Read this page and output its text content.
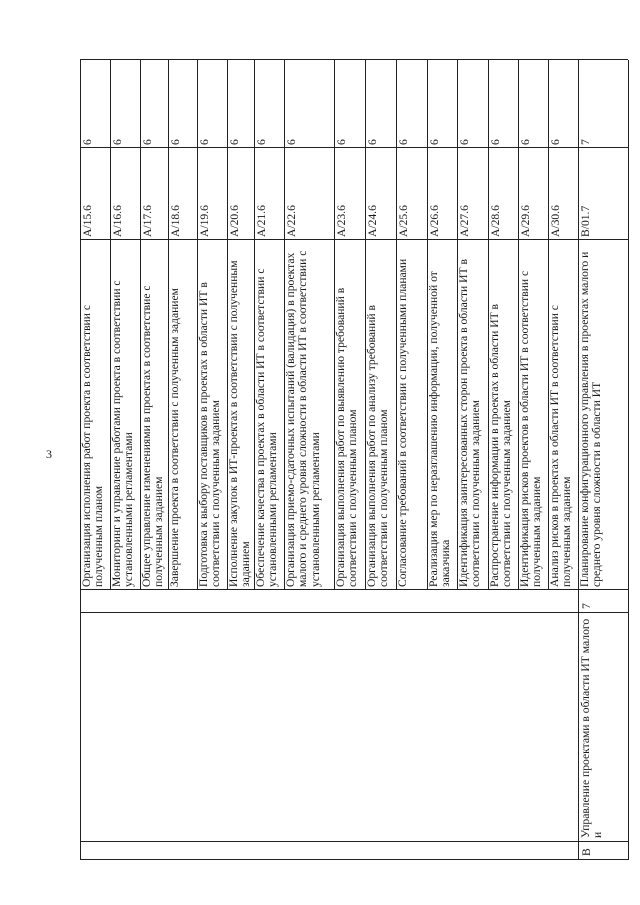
3 Организация исполнения работ проекта в соответствии с полученным планом
A/15.6
6
Мониторинг и управление работами проекта в соответствии с установленными регламентами
A/16.6
6
Общее управление изменениями в проектах в соответствие с полученным заданием
A/17.6
6
Завершение проекта в соответствии с полученным заданием
A/18.6
6
Подготовка к выбору поставщиков в проектах в области ИТ в соответствии с полученным заданием
A/19.6
6
Исполнение закупок в ИТ-проектах в соответствии с полученным заданием
A/20.6
6
Обеспечение качества в проектах в области ИТ в соответствии с установленными регламентами
A/21.6
6
Организация приемо-сдаточных испытаний (валидация) в проектах малого и среднего уровня сложности в области ИТ в соответствии с установленными регламентами
A/22.6
6
Организация выполнения работ по выявлению требований в соответствии с полученным планом
A/23.6
6
Организация выполнения работ по анализу требований в соответствии с полученным планом
A/24.6
6
Согласование требований в соответствии с полученными планами
A/25.6
6
Реализация мер по неразглашению информации, полученной от заказчика
A/26.6
6
Идентификация заинтересованных сторон проекта в области ИТ в соответствии с полученным заданием
A/27.6
6
Распространение информации в проектах в области ИТ в соответствии с полученным заданием
A/28.6
6
Идентификация рисков проектов в области ИТ в соответствии с полученным заданием
A/29.6
6
Анализ рисков в проектах в области ИТ в соответствии с полученным заданием
A/30.6
6
Планирование конфигурационного управления в проектах малого и среднего уровня сложности в области ИТ
B/01.7
7
B
Управление проектами в области ИТ малого и
7
